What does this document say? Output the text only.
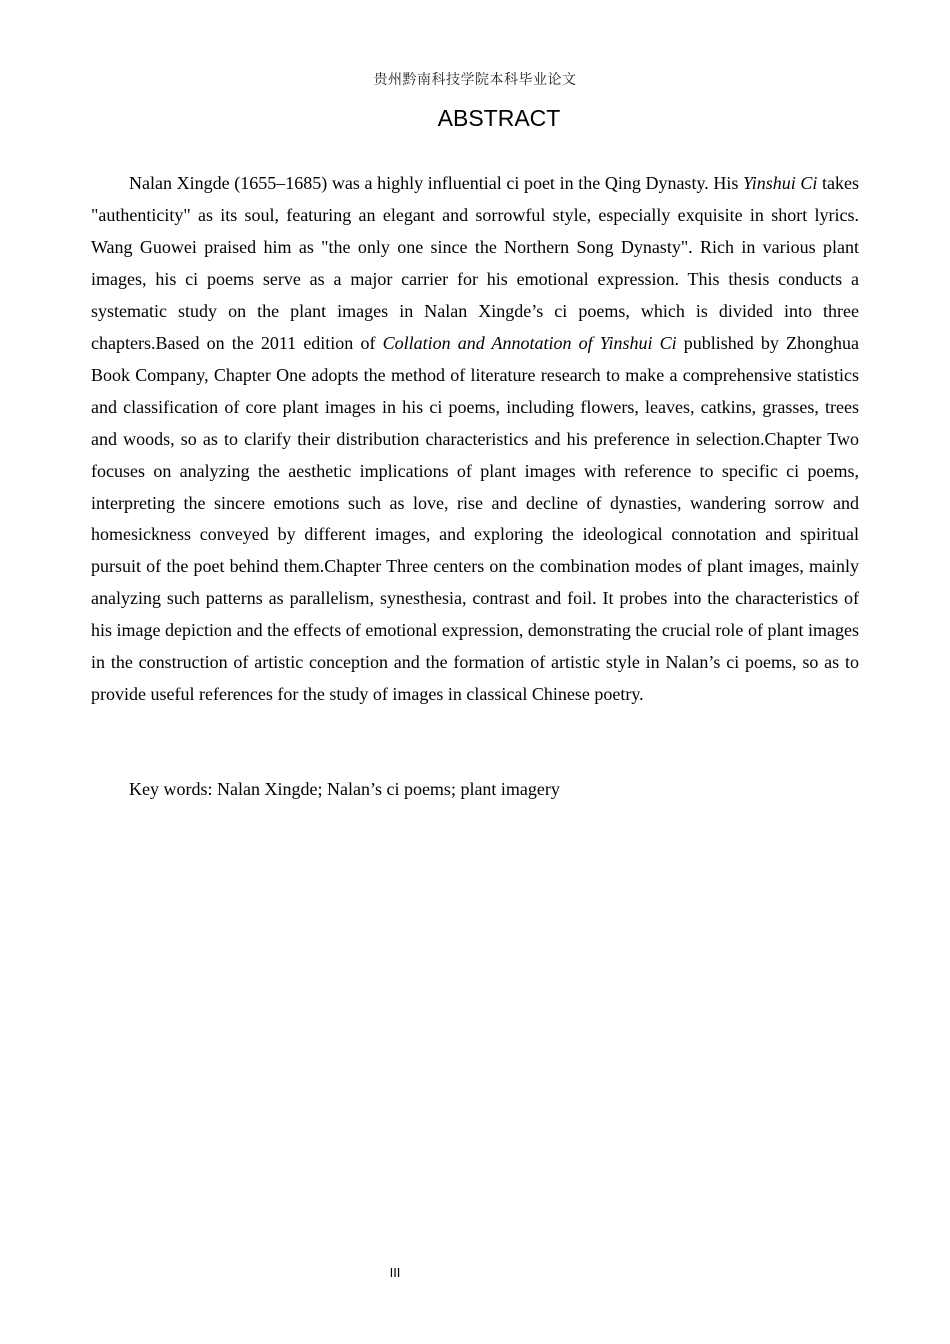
贵州黔南科技学院本科毕业论文
ABSTRACT

Nalan Xingde (1655–1685) was a highly influential ci poet in the Qing Dynasty. His Yinshui Ci takes "authenticity" as its soul, featuring an elegant and sorrowful style, especially exquisite in short lyrics. Wang Guowei praised him as "the only one since the Northern Song Dynasty". Rich in various plant images, his ci poems serve as a major carrier for his emotional expression. This thesis conducts a systematic study on the plant images in Nalan Xingde’s ci poems, which is divided into three chapters.Based on the 2011 edition of Collation and Annotation of Yinshui Ci published by Zhonghua Book Company, Chapter One adopts the method of literature research to make a comprehensive statistics and classification of core plant images in his ci poems, including flowers, leaves, catkins, grasses, trees and woods, so as to clarify their distribution characteristics and his preference in selection.Chapter Two focuses on analyzing the aesthetic implications of plant images with reference to specific ci poems, interpreting the sincere emotions such as love, rise and decline of dynasties, wandering sorrow and homesickness conveyed by different images, and exploring the ideological connotation and spiritual pursuit of the poet behind them.Chapter Three centers on the combination modes of plant images, mainly analyzing such patterns as parallelism, synesthesia, contrast and foil. It probes into the characteristics of his image depiction and the effects of emotional expression, demonstrating the crucial role of plant images in the construction of artistic conception and the formation of artistic style in Nalan’s ci poems, so as to provide useful references for the study of images in classical Chinese poetry.

Key words: Nalan Xingde; Nalan’s ci poems; plant imagery

III
